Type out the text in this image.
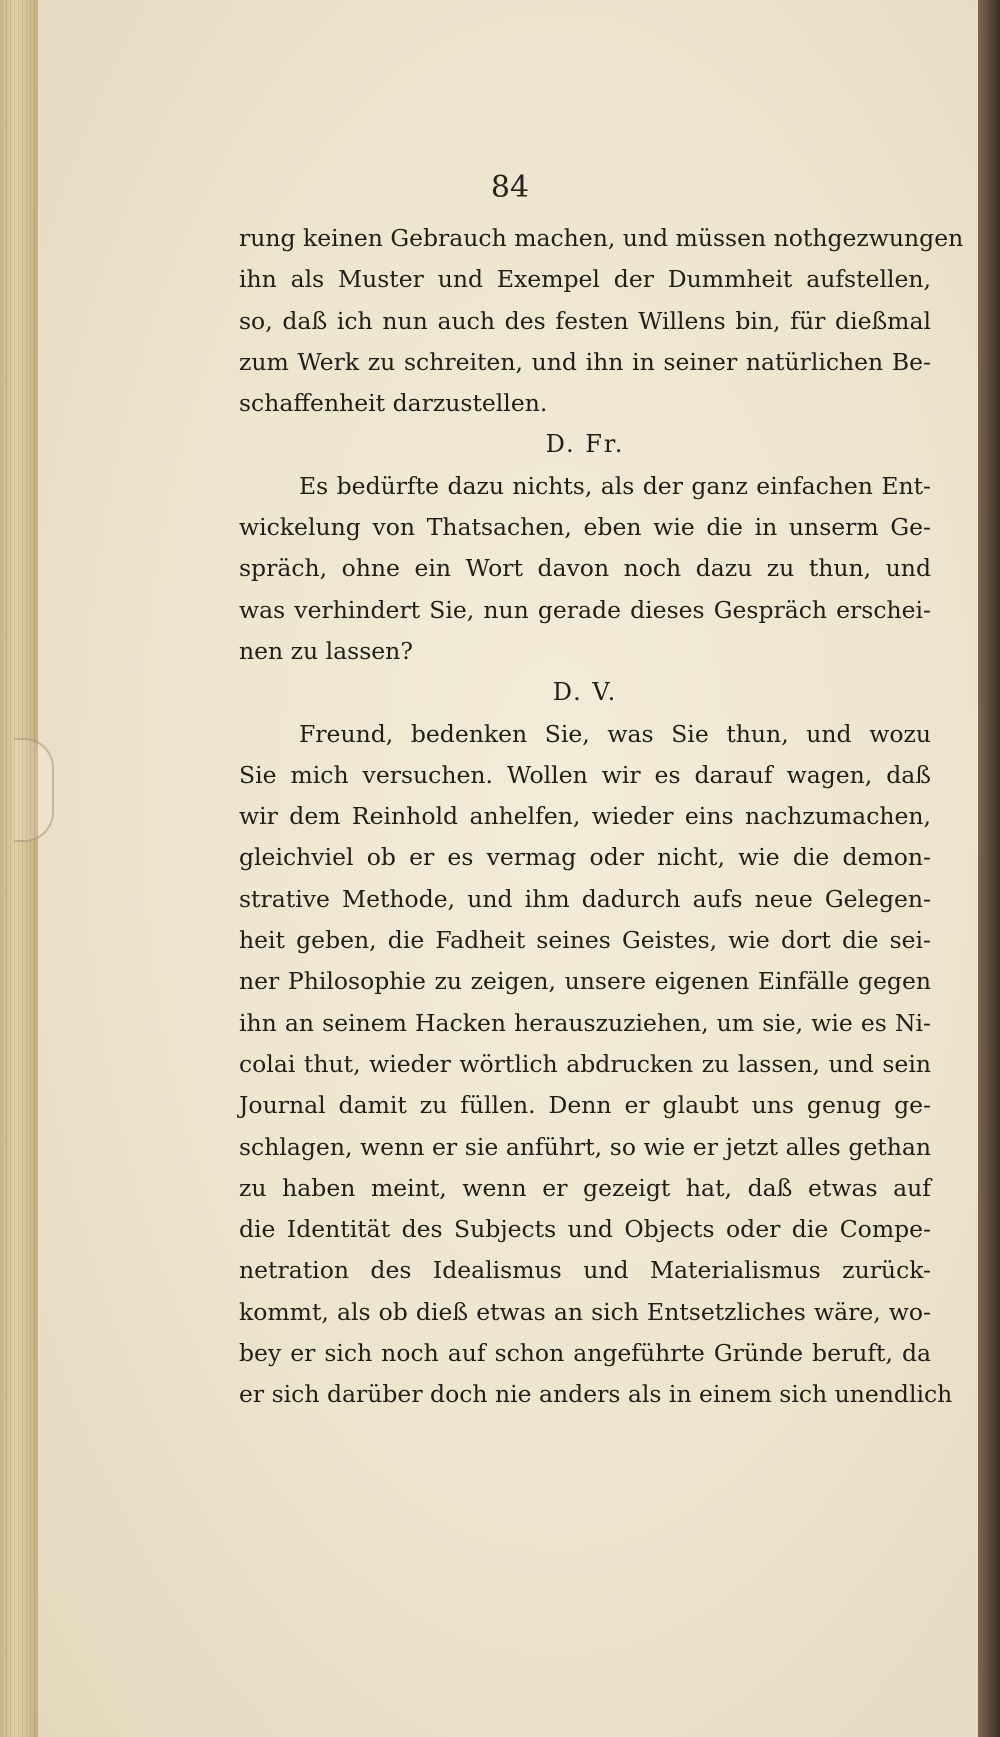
84
rung keinen Gebrauch machen, und müssen nothgezwungen
ihn als Muster und Exempel der Dummheit aufstellen,
so, daß ich nun auch des festen Willens bin, für dießmal
zum Werk zu schreiten, und ihn in seiner natürlichen Be-
schaffenheit darzustellen.
D. Fr.
Es bedürfte dazu nichts, als der ganz einfachen Ent-
wickelung von Thatsachen, eben wie die in unserm Ge-
spräch, ohne ein Wort davon noch dazu zu thun, und
was verhindert Sie, nun gerade dieses Gespräch erschei-
nen zu lassen?
D. V.
Freund, bedenken Sie, was Sie thun, und wozu
Sie mich versuchen. Wollen wir es darauf wagen, daß
wir dem Reinhold anhelfen, wieder eins nachzumachen,
gleichviel ob er es vermag oder nicht, wie die demon-
strative Methode, und ihm dadurch aufs neue Gelegen-
heit geben, die Fadheit seines Geistes, wie dort die sei-
ner Philosophie zu zeigen, unsere eigenen Einfälle gegen
ihn an seinem Hacken herauszuziehen, um sie, wie es Ni-
colai thut, wieder wörtlich abdrucken zu lassen, und sein
Journal damit zu füllen. Denn er glaubt uns genug ge-
schlagen, wenn er sie anführt, so wie er jetzt alles gethan
zu haben meint, wenn er gezeigt hat, daß etwas auf
die Identität des Subjects und Objects oder die Compe-
netration des Idealismus und Materialismus zurück-
kommt, als ob dieß etwas an sich Entsetzliches wäre, wo-
bey er sich noch auf schon angeführte Gründe beruft, da
er sich darüber doch nie anders als in einem sich unendlich
